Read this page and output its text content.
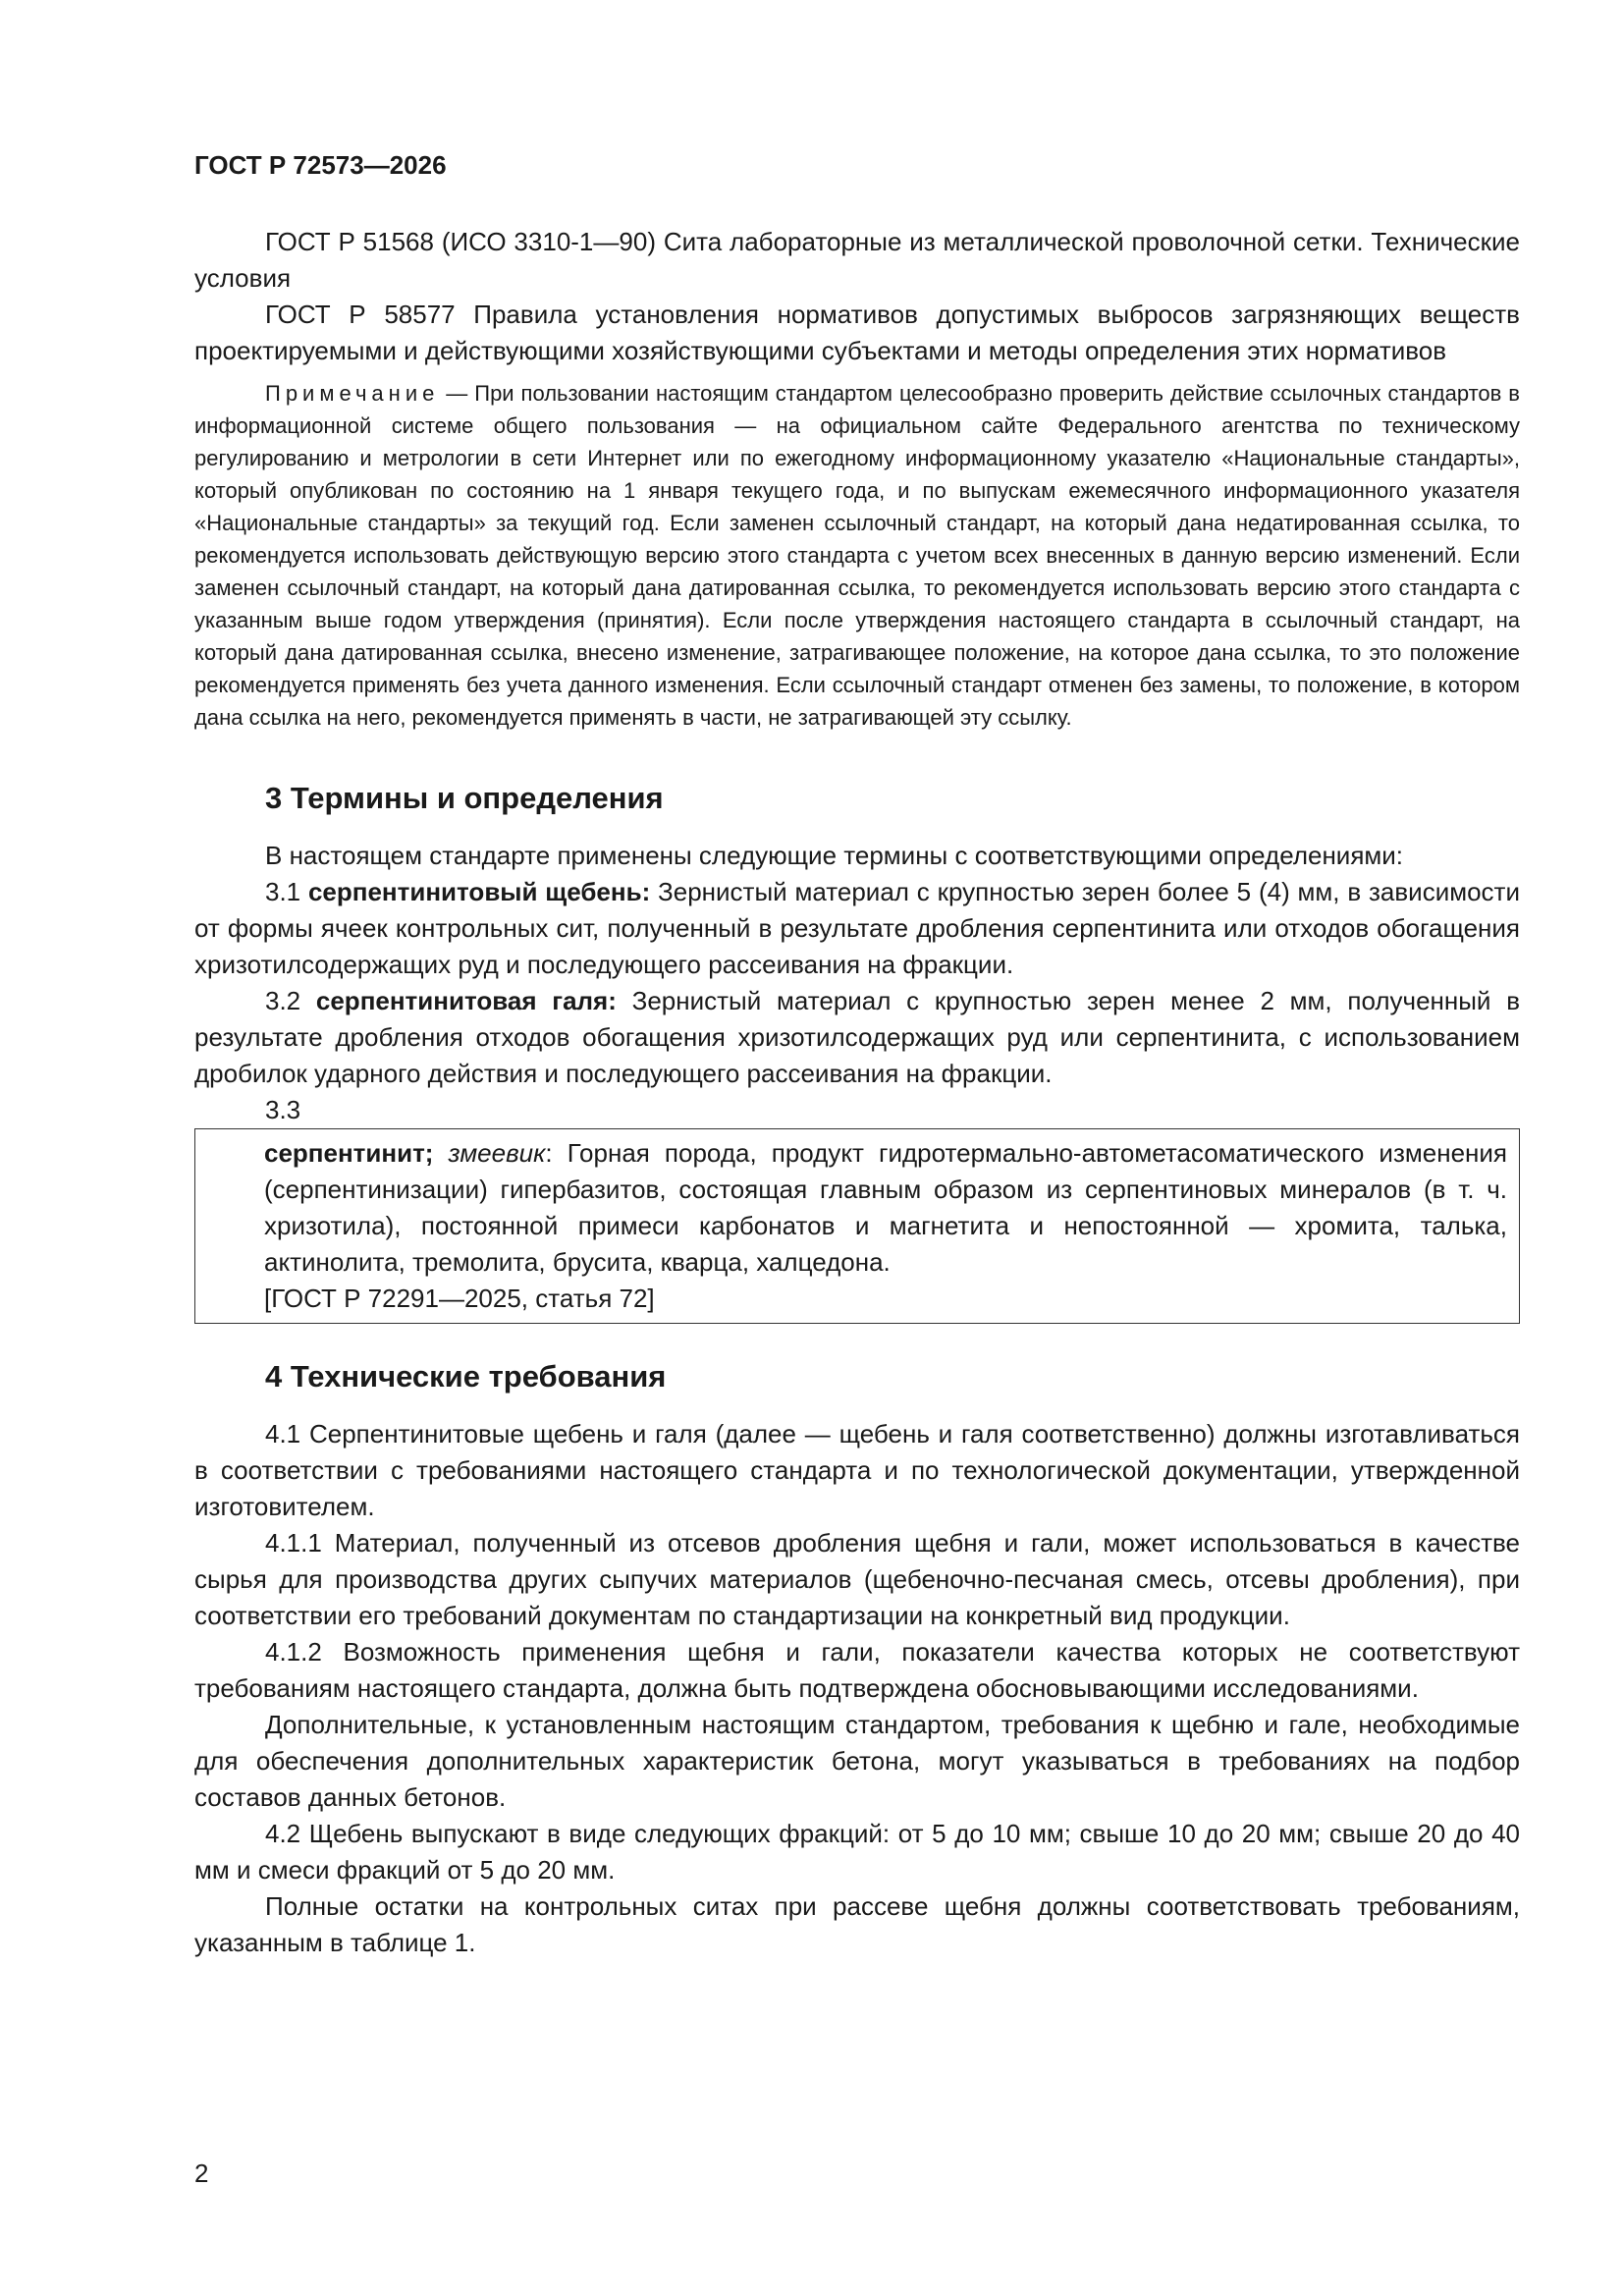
ГОСТ Р 72573—2026

ГОСТ Р 51568 (ИСО 3310-1—90) Сита лабораторные из металлической проволочной сетки. Технические условия

ГОСТ Р 58577 Правила установления нормативов допустимых выбросов загрязняющих веществ проектируемыми и действующими хозяйствующими субъектами и методы определения этих нормативов

Примечание — При пользовании настоящим стандартом целесообразно проверить действие ссылочных стандартов в информационной системе общего пользования — на официальном сайте Федерального агентства по техническому регулированию и метрологии в сети Интернет или по ежегодному информационному указателю «Национальные стандарты», который опубликован по состоянию на 1 января текущего года, и по выпускам ежемесячного информационного указателя «Национальные стандарты» за текущий год. Если заменен ссылочный стандарт, на который дана недатированная ссылка, то рекомендуется использовать действующую версию этого стандарта с учетом всех внесенных в данную версию изменений. Если заменен ссылочный стандарт, на который дана датированная ссылка, то рекомендуется использовать версию этого стандарта с указанным выше годом утверждения (принятия). Если после утверждения настоящего стандарта в ссылочный стандарт, на который дана датированная ссылка, внесено изменение, затрагивающее положение, на которое дана ссылка, то это положение рекомендуется применять без учета данного изменения. Если ссылочный стандарт отменен без замены, то положение, в котором дана ссылка на него, рекомендуется применять в части, не затрагивающей эту ссылку.

3 Термины и определения

В настоящем стандарте применены следующие термины с соответствующими определениями:

3.1 серпентинитовый щебень: Зернистый материал с крупностью зерен более 5 (4) мм, в зависимости от формы ячеек контрольных сит, полученный в результате дробления серпентинита или отходов обогащения хризотилсодержащих руд и последующего рассеивания на фракции.

3.2 серпентинитовая галя: Зернистый материал с крупностью зерен менее 2 мм, полученный в результате дробления отходов обогащения хризотилсодержащих руд или серпентинита, с использованием дробилок ударного действия и последующего рассеивания на фракции.

3.3

серпентинит; змеевик: Горная порода, продукт гидротермально-автометасоматического изменения (серпентинизации) гипербазитов, состоящая главным образом из серпентиновых минералов (в т. ч. хризотила), постоянной примеси карбонатов и магнетита и непостоянной — хромита, талька, актинолита, тремолита, брусита, кварца, халцедона.

[ГОСТ Р 72291—2025, статья 72]

4 Технические требования

4.1 Серпентинитовые щебень и галя (далее — щебень и галя соответственно) должны изготавливаться в соответствии с требованиями настоящего стандарта и по технологической документации, утвержденной изготовителем.

4.1.1 Материал, полученный из отсевов дробления щебня и гали, может использоваться в качестве сырья для производства других сыпучих материалов (щебеночно-песчаная смесь, отсевы дробления), при соответствии его требований документам по стандартизации на конкретный вид продукции.

4.1.2 Возможность применения щебня и гали, показатели качества которых не соответствуют требованиям настоящего стандарта, должна быть подтверждена обосновывающими исследованиями.

Дополнительные, к установленным настоящим стандартом, требования к щебню и гале, необходимые для обеспечения дополнительных характеристик бетона, могут указываться в требованиях на подбор составов данных бетонов.

4.2 Щебень выпускают в виде следующих фракций: от 5 до 10 мм; свыше 10 до 20 мм; свыше 20 до 40 мм и смеси фракций от 5 до 20 мм.

Полные остатки на контрольных ситах при рассеве щебня должны соответствовать требованиям, указанным в таблице 1.

2
